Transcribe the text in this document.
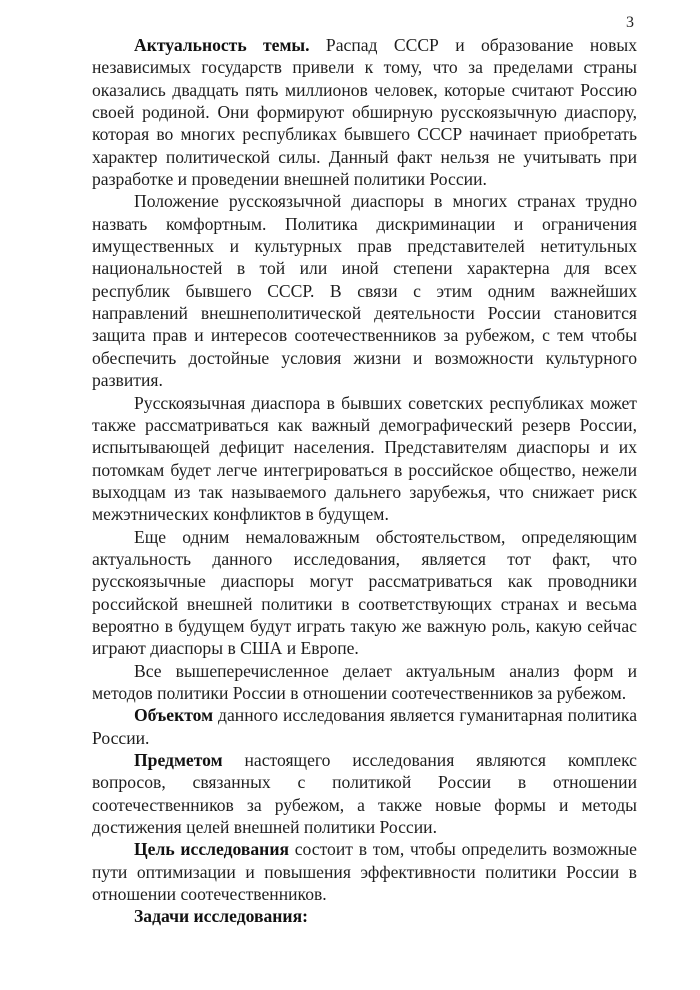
3

Актуальность темы. Распад СССР и образование новых независимых государств привели к тому, что за пределами страны оказались двадцать пять миллионов человек, которые считают Россию своей родиной. Они формируют обширную русскоязычную диаспору, которая во многих республиках бывшего СССР начинает приобретать характер политической силы. Данный факт нельзя не учитывать при разработке и проведении внешней политики России.

Положение русскоязычной диаспоры в многих странах трудно назвать комфортным. Политика дискриминации и ограничения имущественных и культурных прав представителей нетитульных национальностей в той или иной степени характерна для всех республик бывшего СССР. В связи с этим одним важнейших направлений внешнеполитической деятельности России становится защита прав и интересов соотечественников за рубежом, с тем чтобы обеспечить достойные условия жизни и возможности культурного развития.

Русскоязычная диаспора в бывших советских республиках может также рассматриваться как важный демографический резерв России, испытывающей дефицит населения. Представителям диаспоры и их потомкам будет легче интегрироваться в российское общество, нежели выходцам из так называемого дальнего зарубежья, что снижает риск межэтнических конфликтов в будущем.

Еще одним немаловажным обстоятельством, определяющим актуальность данного исследования, является тот факт, что русскоязычные диаспоры могут рассматриваться как проводники российской внешней политики в соответствующих странах и весьма вероятно в будущем будут играть такую же важную роль, какую сейчас играют диаспоры в США и Европе.

Все вышеперечисленное делает актуальным анализ форм и методов политики России в отношении соотечественников за рубежом.

Объектом данного исследования является гуманитарная политика России.

Предметом настоящего исследования являются комплекс вопросов, связанных с политикой России в отношении соотечественников за рубежом, а также новые формы и методы достижения целей внешней политики России.

Цель исследования состоит в том, чтобы определить возможные пути оптимизации и повышения эффективности политики России в отношении соотечественников.

Задачи исследования:
